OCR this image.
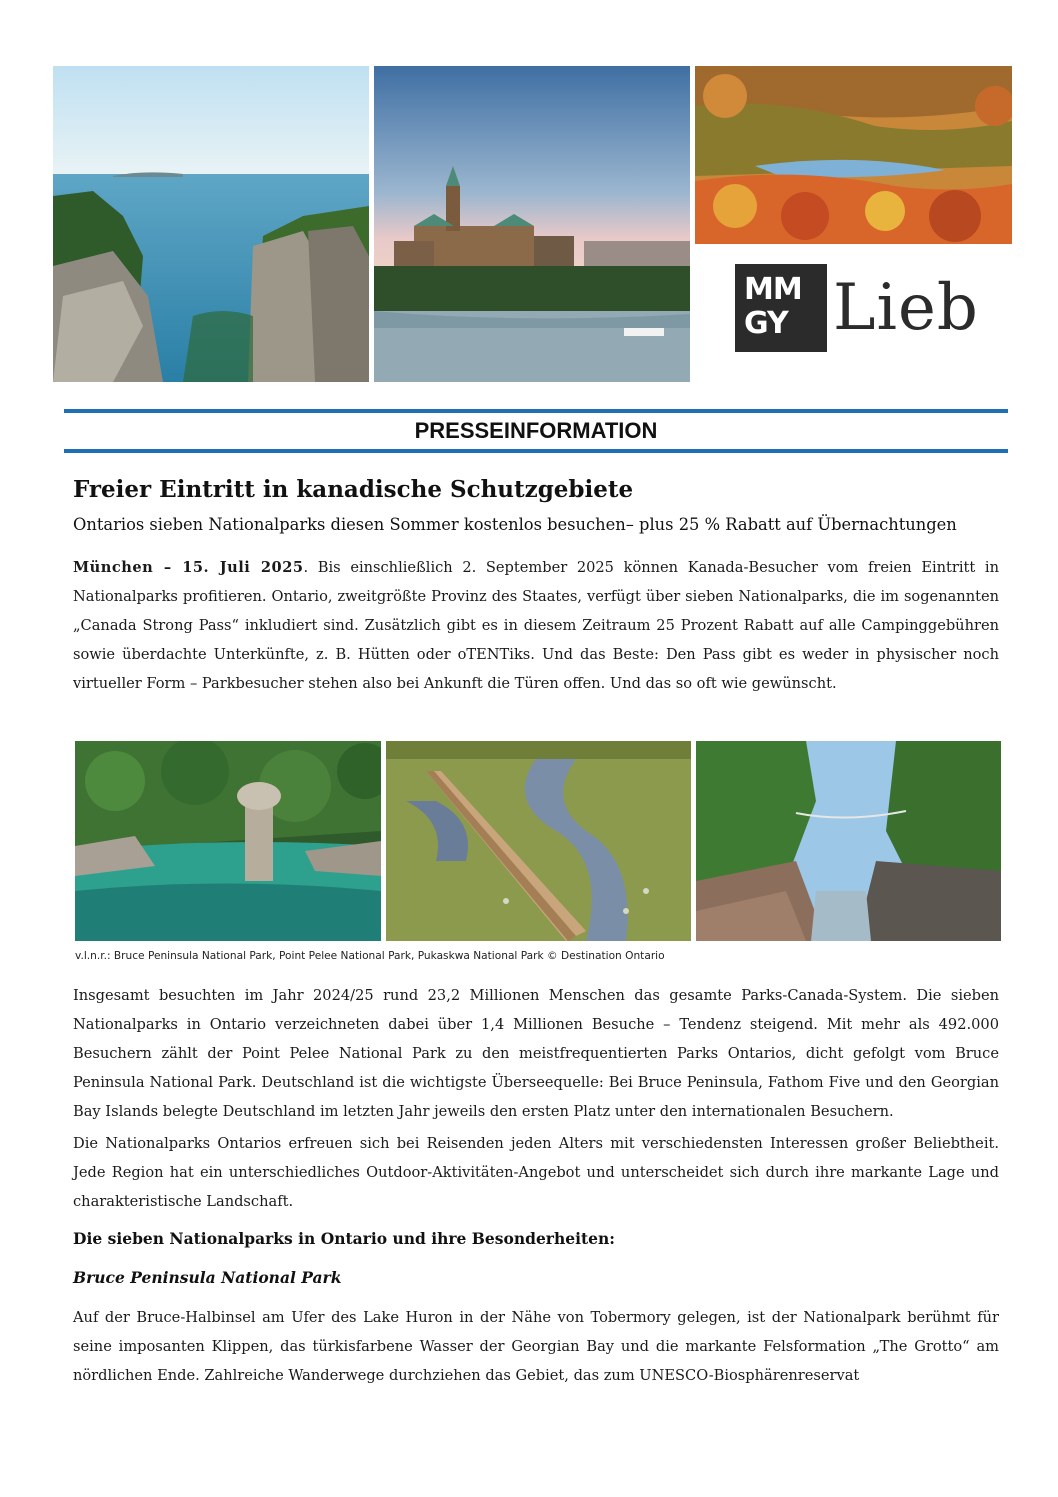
MM
GY Lieb
PRESSEINFORMATION
Freier Eintritt in kanadische Schutzgebiete
Ontarios sieben Nationalparks diesen Sommer kostenlos besuchen– plus 25 % Rabatt auf Übernachtungen

München – 15. Juli 2025. Bis einschließlich 2. September 2025 können Kanada-Besucher vom freien Eintritt in Nationalparks profitieren. Ontario, zweitgrößte Provinz des Staates, verfügt über sieben Nationalparks, die im sogenannten „Canada Strong Pass“ inkludiert sind. Zusätzlich gibt es in diesem Zeitraum 25 Prozent Rabatt auf alle Campinggebühren sowie überdachte Unterkünfte, z. B. Hütten oder oTENTiks. Und das Beste: Den Pass gibt es weder in physischer noch virtueller Form – Parkbesucher stehen also bei Ankunft die Türen offen. Und das so oft wie gewünscht.

v.l.n.r.: Bruce Peninsula National Park, Point Pelee National Park, Pukaskwa National Park © Destination Ontario

Insgesamt besuchten im Jahr 2024/25 rund 23,2 Millionen Menschen das gesamte Parks-Canada-System. Die sieben Nationalparks in Ontario verzeichneten dabei über 1,4 Millionen Besuche – Tendenz steigend. Mit mehr als 492.000 Besuchern zählt der Point Pelee National Park zu den meistfrequentierten Parks Ontarios, dicht gefolgt vom Bruce Peninsula National Park. Deutschland ist die wichtigste Überseequelle: Bei Bruce Peninsula, Fathom Five und den Georgian Bay Islands belegte Deutschland im letzten Jahr jeweils den ersten Platz unter den internationalen Besuchern.

Die Nationalparks Ontarios erfreuen sich bei Reisenden jeden Alters mit verschiedensten Interessen großer Beliebtheit. Jede Region hat ein unterschiedliches Outdoor-Aktivitäten-Angebot und unterscheidet sich durch ihre markante Lage und charakteristische Landschaft.

Die sieben Nationalparks in Ontario und ihre Besonderheiten:
Bruce Peninsula National Park

Auf der Bruce-Halbinsel am Ufer des Lake Huron in der Nähe von Tobermory gelegen, ist der Nationalpark berühmt für seine imposanten Klippen, das türkisfarbene Wasser der Georgian Bay und die markante Felsformation „The Grotto“ am nördlichen Ende. Zahlreiche Wanderwege durchziehen das Gebiet, das zum UNESCO-Biosphärenreservat
